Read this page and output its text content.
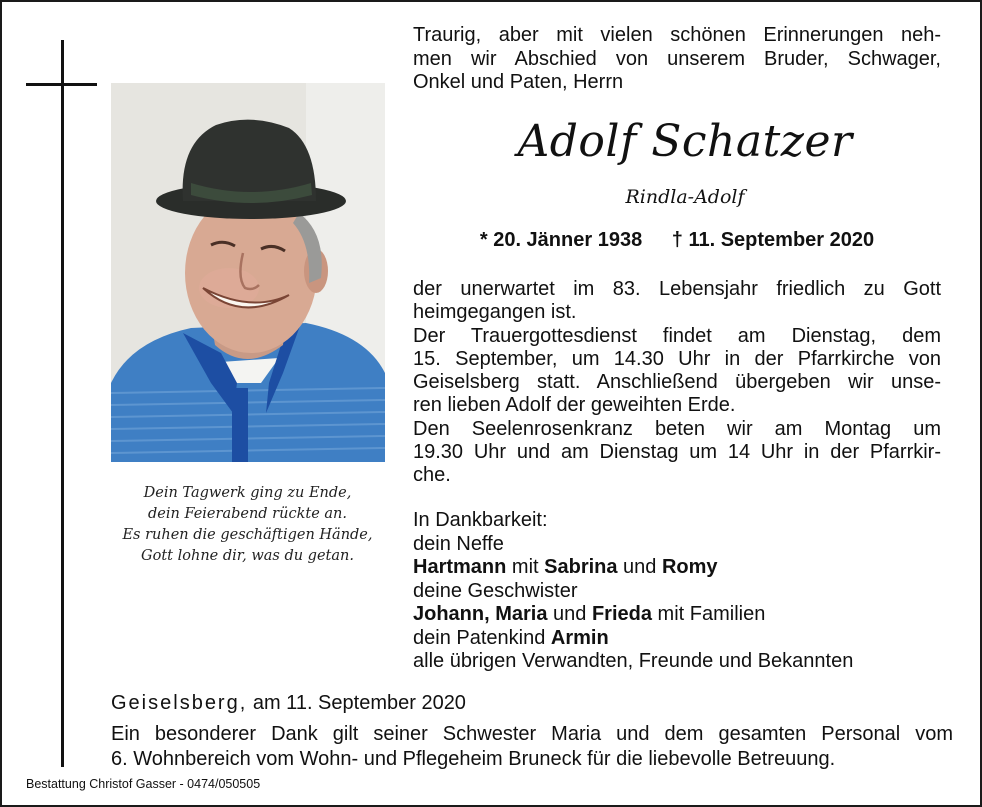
Dein Tagwerk ging zu Ende,
dein Feierabend rückte an.
Es ruhen die geschäftigen Hände,
Gott lohne dir, was du getan.
Traurig, aber mit vielen schönen Erinnerungen neh-
men wir Abschied von unserem Bruder, Schwager,
Onkel und Paten, Herrn
Adolf Schatzer
Rindla-Adolf
* 20. Jänner 1938 † 11. September 2020
der unerwartet im 83. Lebensjahr friedlich zu Gott
heimgegangen ist.
Der Trauergottesdienst findet am Dienstag, dem
15. September, um 14.30 Uhr in der Pfarrkirche von
Geiselsberg statt. Anschließend übergeben wir unse-
ren lieben Adolf der geweihten Erde.
Den Seelenrosenkranz beten wir am Montag um
19.30 Uhr und am Dienstag um 14 Uhr in der Pfarrkir-
che.
In Dankbarkeit:
dein Neffe
Hartmann mit Sabrina und Romy
deine Geschwister
Johann, Maria und Frieda mit Familien
dein Patenkind Armin
alle übrigen Verwandten, Freunde und Bekannten
Geiselsberg, am 11. September 2020
Ein besonderer Dank gilt seiner Schwester Maria und dem gesamten Personal vom
6. Wohnbereich vom Wohn- und Pflegeheim Bruneck für die liebevolle Betreuung.
Bestattung Christof Gasser - 0474/050505
